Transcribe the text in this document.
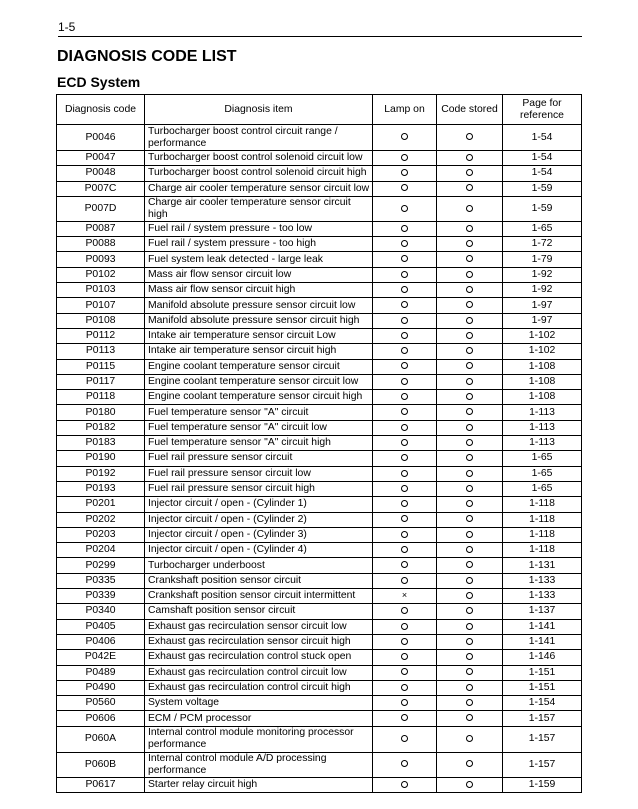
1-5
DIAGNOSIS CODE LIST
ECD System
Diagnosis code	Diagnosis item	Lamp on	Code stored	Page for reference
P0046	Turbocharger boost control circuit range / performance			1-54
P0047	Turbocharger boost control solenoid circuit low			1-54
P0048	Turbocharger boost control solenoid circuit high			1-54
P007C	Charge air cooler temperature sensor circuit low			1-59
P007D	Charge air cooler temperature sensor circuit high			1-59
P0087	Fuel rail / system pressure - too low			1-65
P0088	Fuel rail / system pressure - too high			1-72
P0093	Fuel system leak detected - large leak			1-79
P0102	Mass air flow sensor circuit low			1-92
P0103	Mass air flow sensor circuit high			1-92
P0107	Manifold absolute pressure sensor circuit low			1-97
P0108	Manifold absolute pressure sensor circuit high			1-97
P0112	Intake air temperature sensor circuit Low			1-102
P0113	Intake air temperature sensor circuit high			1-102
P0115	Engine coolant temperature sensor circuit			1-108
P0117	Engine coolant temperature sensor circuit low			1-108
P0118	Engine coolant temperature sensor circuit high			1-108
P0180	Fuel temperature sensor "A" circuit			1-113
P0182	Fuel temperature sensor "A" circuit low			1-113
P0183	Fuel temperature sensor "A" circuit high			1-113
P0190	Fuel rail pressure sensor circuit			1-65
P0192	Fuel rail pressure sensor circuit low			1-65
P0193	Fuel rail pressure sensor circuit high			1-65
P0201	Injector circuit / open - (Cylinder 1)			1-118
P0202	Injector circuit / open - (Cylinder 2)			1-118
P0203	Injector circuit / open - (Cylinder 3)			1-118
P0204	Injector circuit / open - (Cylinder 4)			1-118
P0299	Turbocharger underboost			1-131
P0335	Crankshaft position sensor circuit			1-133
P0339	Crankshaft position sensor circuit intermittent	×		1-133
P0340	Camshaft position sensor circuit			1-137
P0405	Exhaust gas recirculation sensor circuit low			1-141
P0406	Exhaust gas recirculation sensor circuit high			1-141
P042E	Exhaust gas recirculation control stuck open			1-146
P0489	Exhaust gas recirculation control circuit low			1-151
P0490	Exhaust gas recirculation control circuit high			1-151
P0560	System voltage			1-154
P0606	ECM / PCM processor			1-157
P060A	Internal control module monitoring processor performance			1-157
P060B	Internal control module A/D processing performance			1-157
P0617	Starter relay circuit high			1-159
